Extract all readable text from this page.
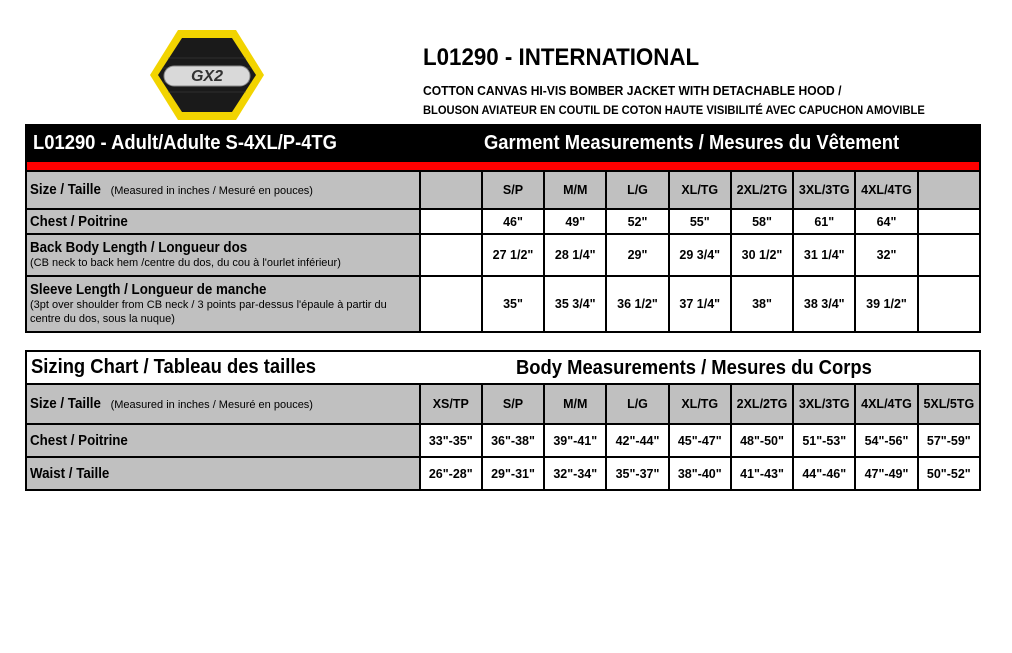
GX2
L01290 - INTERNATIONAL
COTTON CANVAS HI-VIS BOMBER JACKET WITH DETACHABLE HOOD /
BLOUSON AVIATEUR EN COUTIL DE COTON HAUTE VISIBILITÉ AVEC CAPUCHON AMOVIBLE
L01290 - Adult/Adulte S-4XL/P-4TG Garment Measurements / Mesures du Vêtement									

Size / Taille (Measured in inches / Mesuré en pouces)		S/P	M/M	L/G	XL/TG	2XL/2TG	3XL/3TG	4XL/4TG	
Chest / Poitrine		46"	49"	52"	55"	58"	61"	64"	
Back Body Length / Longueur dos
(CB neck to back hem /centre du dos, du cou à l'ourlet inférieur)		27 1/2"	28 1/4"	29"	29 3/4"	30 1/2"	31 1/4"	32"	
Sleeve Length / Longueur de manche
(3pt over shoulder from CB neck / 3 points par-dessus l'épaule à partir du centre du dos, sous la nuque)		35"	35 3/4"	36 1/2"	37 1/4"	38"	38 3/4"	39 1/2"	
Sizing Chart / Tableau des tailles Body Measurements / Mesures du Corps									

Size / Taille (Measured in inches / Mesuré en pouces)	XS/TP	S/P	M/M	L/G	XL/TG	2XL/2TG	3XL/3TG	4XL/4TG	5XL/5TG
Chest / Poitrine	33"-35"	36"-38"	39"-41"	42"-44"	45"-47"	48"-50"	51"-53"	54"-56"	57"-59"
Waist / Taille	26"-28"	29"-31"	32"-34"	35"-37"	38"-40"	41"-43"	44"-46"	47"-49"	50"-52"
